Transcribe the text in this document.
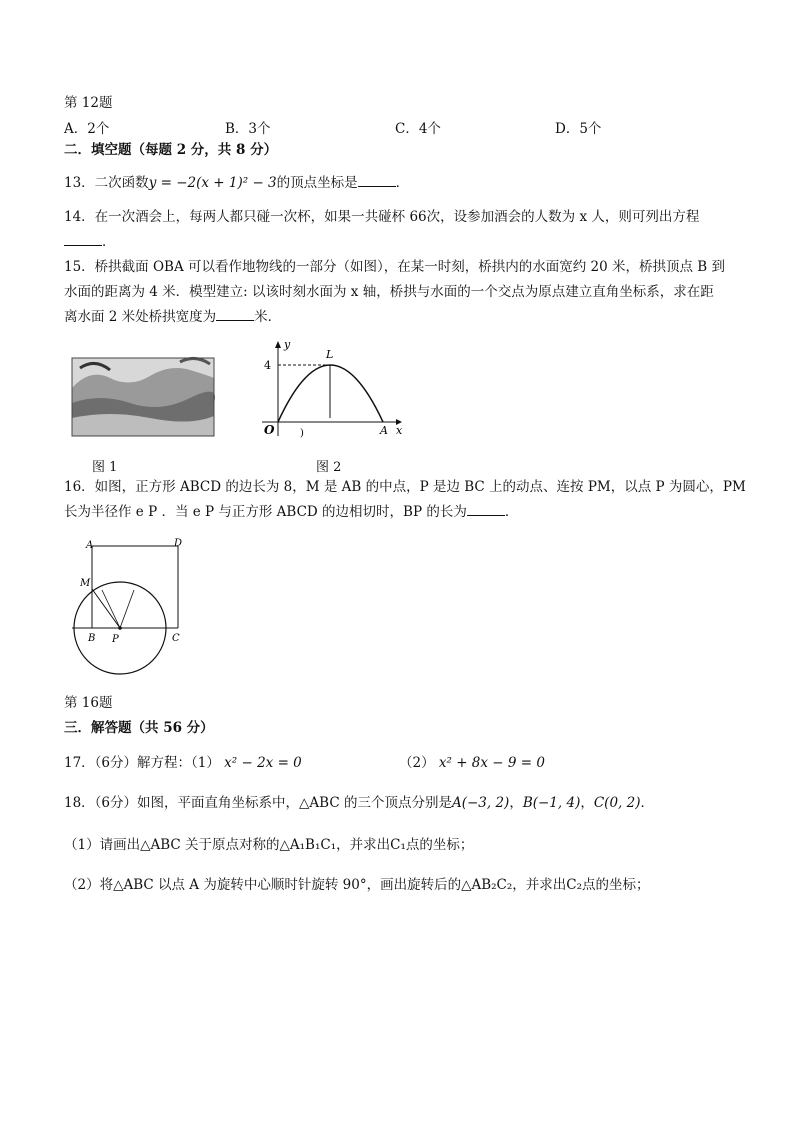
第 12题
A．2个	B．3个	C．4个	D．5个
二．填空题（每题 2 分，共 8 分）
13．二次函数y = −2(x + 1)² − 3的顶点坐标是	．
14．在一次酒会上，每两人都只碰一次杯，如果一共碰杯 66次，设参加酒会的人数为 x 人，则可列出方程
．
15．桥拱截面 OBA 可以看作地物线的一部分（如图），在某一时刻，桥拱内的水面宽约 20 米，桥拱顶点 B 到
水面的距离为 4 米．模型建立: 以该时刻水面为 x 轴，桥拱与水面的一个交点为原点建立直角坐标系，求在距
离水面 2 米处桥拱宽度为	米．
图 1
y
x
4
L
O	A
)
图 2
16．如图，正方形 ABCD 的边长为 8，M 是 AB 的中点，P 是边 BC 上的动点、连按 PM，以点 P 为圆心，PM
长为半径作 e P ．当 e P 与正方形 ABCD 的边相切时，BP 的长为	．
A	D
M
B P	C
第 16题
三．解答题（共 56 分）
17．（6分）解方程：（1） x² − 2x = 0	（2） x² + 8x − 9 = 0
18．（6分）如图，平面直角坐标系中，△ABC 的三个顶点分别是A(−3, 2)，B(−1, 4)，C(0, 2)．
（1）请画出△ABC 关于原点对称的△A₁B₁C₁，并求出C₁点的坐标；
（2）将△ABC 以点 A 为旋转中心顺时针旋转 90°，画出旋转后的△AB₂C₂，并求出C₂点的坐标；
